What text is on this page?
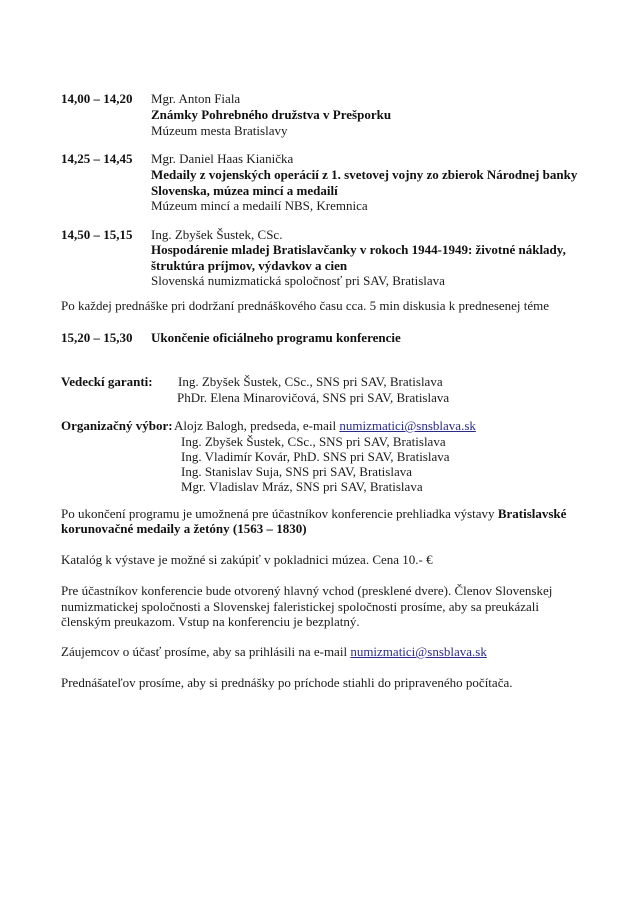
14,00 – 14,20 Mgr. Anton Fiala
Známky Pohrebného družstva v Prešporku
Múzeum mesta Bratislavy
14,25 – 14,45 Mgr. Daniel Haas Kianička
Medaily z vojenských operácií z 1. svetovej vojny zo zbierok Národnej banky
Slovenska, múzea mincí a medailí
Múzeum mincí a medailí NBS, Kremnica
14,50 – 15,15 Ing. Zbyšek Šustek, CSc.
Hospodárenie mladej Bratislavčanky v rokoch 1944-1949: životné náklady,
štruktúra príjmov, výdavkov a cien
Slovenská numizmatická spoločnosť pri SAV, Bratislava
Po každej prednáške pri dodržaní prednáškového času cca. 5 min diskusia k prednesenej téme
15,20 – 15,30 Ukončenie oficiálneho programu konferencie
Vedeckí garanti: Ing. Zbyšek Šustek, CSc., SNS pri SAV, Bratislava
PhDr. Elena Minarovičová, SNS pri SAV, Bratislava
Organizačný výbor: Alojz Balogh, predseda, e-mail numizmatici@snsblava.sk
Ing. Zbyšek Šustek, CSc., SNS pri SAV, Bratislava
Ing. Vladimír Kovár, PhD. SNS pri SAV, Bratislava
Ing. Stanislav Suja, SNS pri SAV, Bratislava
Mgr. Vladislav Mráz, SNS pri SAV, Bratislava
Po ukončení programu je umožnená pre účastníkov konferencie prehliadka výstavy Bratislavské
korunovačné medaily a žetóny (1563 – 1830)
Katalóg k výstave je možné si zakúpiť v pokladnici múzea. Cena 10.- €
Pre účastníkov konferencie bude otvorený hlavný vchod (presklené dvere). Členov Slovenskej
numizmatickej spoločnosti a Slovenskej faleristickej spoločnosti prosíme, aby sa preukázali
členským preukazom. Vstup na konferenciu je bezplatný.
Záujemcov o účasť prosíme, aby sa prihlásili na e-mail numizmatici@snsblava.sk
Prednášateľov prosíme, aby si prednášky po príchode stiahli do pripraveného počítača.
